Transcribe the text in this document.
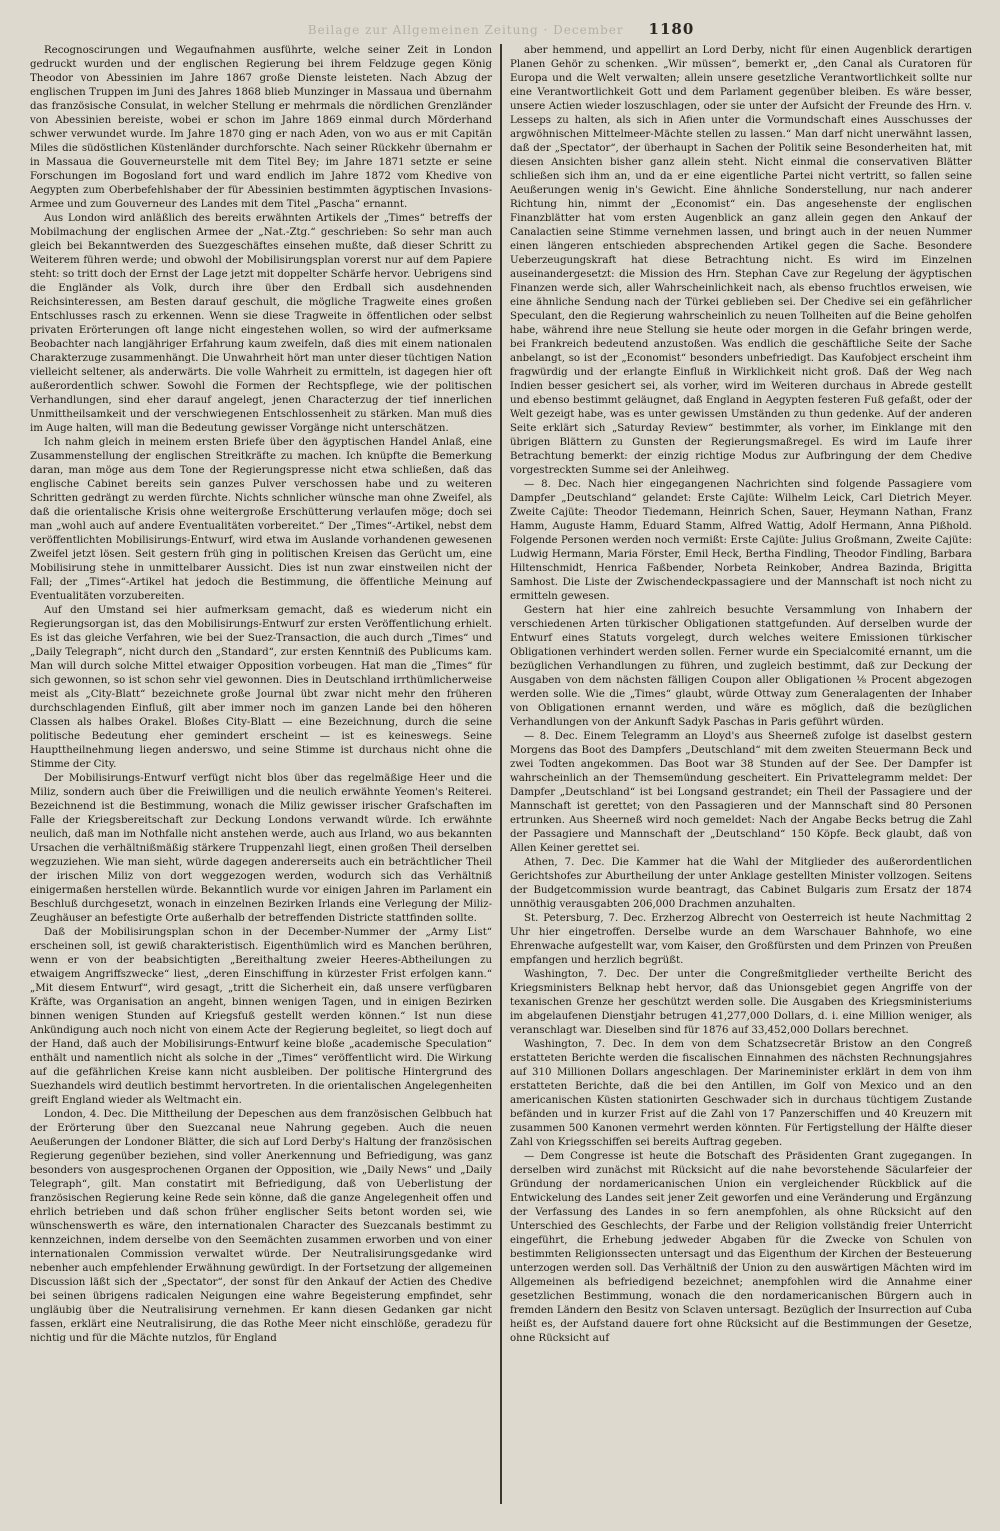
Beilage zur Allgemeinen Zeitung · December 1180

Recognoscirungen und Wegaufnahmen ausführte, welche seiner Zeit in London gedruckt wurden und der englischen Regierung bei ihrem Feldzuge gegen König Theodor von Abessinien im Jahre 1867 große Dienste leisteten. Nach Abzug der englischen Truppen im Juni des Jahres 1868 blieb Munzinger in Massaua und übernahm das französische Consulat, in welcher Stellung er mehrmals die nördlichen Grenzländer von Abessinien bereiste, wobei er schon im Jahre 1869 einmal durch Mörderhand schwer verwundet wurde. Im Jahre 1870 ging er nach Aden, von wo aus er mit Capitän Miles die südöstlichen Küstenländer durchforschte. Nach seiner Rückkehr übernahm er in Massaua die Gouverneurstelle mit dem Titel Bey; im Jahre 1871 setzte er seine Forschungen im Bogosland fort und ward endlich im Jahre 1872 vom Khedive von Aegypten zum Oberbefehlshaber der für Abessinien bestimmten ägyptischen Invasions-Armee und zum Gouverneur des Landes mit dem Titel „Pascha“ ernannt.

Aus London wird anläßlich des bereits erwähnten Artikels der „Times“ betreffs der Mobilmachung der englischen Armee der „Nat.-Ztg.“ geschrieben: So sehr man auch gleich bei Bekanntwerden des Suezgeschäftes einsehen mußte, daß dieser Schritt zu Weiterem führen werde; und obwohl der Mobilisirungsplan vorerst nur auf dem Papiere steht: so tritt doch der Ernst der Lage jetzt mit doppelter Schärfe hervor. Uebrigens sind die Engländer als Volk, durch ihre über den Erdball sich ausdehnenden Reichsinteressen, am Besten darauf geschult, die mögliche Tragweite eines großen Entschlusses rasch zu erkennen. Wenn sie diese Tragweite in öffentlichen oder selbst privaten Erörterungen oft lange nicht eingestehen wollen, so wird der aufmerksame Beobachter nach langjähriger Erfahrung kaum zweifeln, daß dies mit einem nationalen Charakterzuge zusammenhängt. Die Unwahrheit hört man unter dieser tüchtigen Nation vielleicht seltener, als anderwärts. Die volle Wahrheit zu ermitteln, ist dagegen hier oft außerordentlich schwer. Sowohl die Formen der Rechtspflege, wie der politischen Verhandlungen, sind eher darauf angelegt, jenen Characterzug der tief innerlichen Unmittheilsamkeit und der verschwiegenen Entschlossenheit zu stärken. Man muß dies im Auge halten, will man die Bedeutung gewisser Vorgänge nicht unterschätzen.

Ich nahm gleich in meinem ersten Briefe über den ägyptischen Handel Anlaß, eine Zusammenstellung der englischen Streitkräfte zu machen. Ich knüpfte die Bemerkung daran, man möge aus dem Tone der Regierungspresse nicht etwa schließen, daß das englische Cabinet bereits sein ganzes Pulver verschossen habe und zu weiteren Schritten gedrängt zu werden fürchte. Nichts schnlicher wünsche man ohne Zweifel, als daß die orientalische Krisis ohne weitergroße Erschütterung verlaufen möge; doch sei man „wohl auch auf andere Eventualitäten vorbereitet.“ Der „Times“-Artikel, nebst dem veröffentlichten Mobilisirungs-Entwurf, wird etwa im Auslande vorhandenen gewesenen Zweifel jetzt lösen. Seit gestern früh ging in politischen Kreisen das Gerücht um, eine Mobilisirung stehe in unmittelbarer Aussicht. Dies ist nun zwar einstweilen nicht der Fall; der „Times“-Artikel hat jedoch die Bestimmung, die öffentliche Meinung auf Eventualitäten vorzubereiten.

Auf den Umstand sei hier aufmerksam gemacht, daß es wiederum nicht ein Regierungsorgan ist, das den Mobilisirungs-Entwurf zur ersten Veröffentlichung erhielt. Es ist das gleiche Verfahren, wie bei der Suez-Transaction, die auch durch „Times“ und „Daily Telegraph“, nicht durch den „Standard“, zur ersten Kenntniß des Publicums kam. Man will durch solche Mittel etwaiger Opposition vorbeugen. Hat man die „Times“ für sich gewonnen, so ist schon sehr viel gewonnen. Dies in Deutschland irrthümlicherweise meist als „City-Blatt“ bezeichnete große Journal übt zwar nicht mehr den früheren durchschlagenden Einfluß, gilt aber immer noch im ganzen Lande bei den höheren Classen als halbes Orakel. Bloßes City-Blatt — eine Bezeichnung, durch die seine politische Bedeutung eher gemindert erscheint — ist es keineswegs. Seine Haupttheilnehmung liegen anderswo, und seine Stimme ist durchaus nicht ohne die Stimme der City.

Der Mobilisirungs-Entwurf verfügt nicht blos über das regelmäßige Heer und die Miliz, sondern auch über die Freiwilligen und die neulich erwähnte Yeomen's Reiterei. Bezeichnend ist die Bestimmung, wonach die Miliz gewisser irischer Grafschaften im Falle der Kriegsbereitschaft zur Deckung Londons verwandt würde. Ich erwähnte neulich, daß man im Nothfalle nicht anstehen werde, auch aus Irland, wo aus bekannten Ursachen die verhältnißmäßig stärkere Truppenzahl liegt, einen großen Theil derselben wegzuziehen. Wie man sieht, würde dagegen andererseits auch ein beträchtlicher Theil der irischen Miliz von dort weggezogen werden, wodurch sich das Verhältniß einigermaßen herstellen würde. Bekanntlich wurde vor einigen Jahren im Parlament ein Beschluß durchgesetzt, wonach in einzelnen Bezirken Irlands eine Verlegung der Miliz-Zeughäuser an befestigte Orte außerhalb der betreffenden Districte stattfinden sollte.

Daß der Mobilisirungsplan schon in der December-Nummer der „Army List“ erscheinen soll, ist gewiß charakteristisch. Eigenthümlich wird es Manchen berühren, wenn er von der beabsichtigten „Bereithaltung zweier Heeres-Abtheilungen zu etwaigem Angriffszwecke“ liest, „deren Einschiffung in kürzester Frist erfolgen kann.“ „Mit diesem Entwurf“, wird gesagt, „tritt die Sicherheit ein, daß unsere verfügbaren Kräfte, was Organisation an angeht, binnen wenigen Tagen, und in einigen Bezirken binnen wenigen Stunden auf Kriegsfuß gestellt werden können.“ Ist nun diese Ankündigung auch noch nicht von einem Acte der Regierung begleitet, so liegt doch auf der Hand, daß auch der Mobilisirungs-Entwurf keine bloße „academische Speculation“ enthält und namentlich nicht als solche in der „Times“ veröffentlicht wird. Die Wirkung auf die gefährlichen Kreise kann nicht ausbleiben. Der politische Hintergrund des Suezhandels wird deutlich bestimmt hervortreten. In die orientalischen Angelegenheiten greift England wieder als Weltmacht ein.

London, 4. Dec. Die Mittheilung der Depeschen aus dem französischen Gelbbuch hat der Erörterung über den Suezcanal neue Nahrung gegeben. Auch die neuen Aeußerungen der Londoner Blätter, die sich auf Lord Derby's Haltung der französischen Regierung gegenüber beziehen, sind voller Anerkennung und Befriedigung, was ganz besonders von ausgesprochenen Organen der Opposition, wie „Daily News“ und „Daily Telegraph“, gilt. Man constatirt mit Befriedigung, daß von Ueberlistung der französischen Regierung keine Rede sein könne, daß die ganze Angelegenheit offen und ehrlich betrieben und daß schon früher englischer Seits betont worden sei, wie wünschenswerth es wäre, den internationalen Character des Suezcanals bestimmt zu kennzeichnen, indem derselbe von den Seemächten zusammen erworben und von einer internationalen Commission verwaltet würde. Der Neutralisirungsgedanke wird nebenher auch empfehlender Erwähnung gewürdigt. In der Fortsetzung der allgemeinen Discussion läßt sich der „Spectator“, der sonst für den Ankauf der Actien des Chedive bei seinen übrigens radicalen Neigungen eine wahre Begeisterung empfindet, sehr ungläubig über die Neutralisirung vernehmen. Er kann diesen Gedanken gar nicht fassen, erklärt eine Neutralisirung, die das Rothe Meer nicht einschlöße, geradezu für nichtig und für die Mächte nutzlos, für England

aber hemmend, und appellirt an Lord Derby, nicht für einen Augenblick derartigen Planen Gehör zu schenken. „Wir müssen“, bemerkt er, „den Canal als Curatoren für Europa und die Welt verwalten; allein unsere gesetzliche Verantwortlichkeit sollte nur eine Verantwortlichkeit Gott und dem Parlament gegenüber bleiben. Es wäre besser, unsere Actien wieder loszuschlagen, oder sie unter der Aufsicht der Freunde des Hrn. v. Lesseps zu halten, als sich in Afien unter die Vormundschaft eines Ausschusses der argwöhnischen Mittelmeer-Mächte stellen zu lassen.“ Man darf nicht unerwähnt lassen, daß der „Spectator“, der überhaupt in Sachen der Politik seine Besonderheiten hat, mit diesen Ansichten bisher ganz allein steht. Nicht einmal die conservativen Blätter schließen sich ihm an, und da er eine eigentliche Partei nicht vertritt, so fallen seine Aeußerungen wenig in's Gewicht. Eine ähnliche Sonderstellung, nur nach anderer Richtung hin, nimmt der „Economist“ ein. Das angesehenste der englischen Finanzblätter hat vom ersten Augenblick an ganz allein gegen den Ankauf der Canalactien seine Stimme vernehmen lassen, und bringt auch in der neuen Nummer einen längeren entschieden absprechenden Artikel gegen die Sache. Besondere Ueberzeugungskraft hat diese Betrachtung nicht. Es wird im Einzelnen auseinandergesetzt: die Mission des Hrn. Stephan Cave zur Regelung der ägyptischen Finanzen werde sich, aller Wahrscheinlichkeit nach, als ebenso fruchtlos erweisen, wie eine ähnliche Sendung nach der Türkei geblieben sei. Der Chedive sei ein gefährlicher Speculant, den die Regierung wahrscheinlich zu neuen Tollheiten auf die Beine geholfen habe, während ihre neue Stellung sie heute oder morgen in die Gefahr bringen werde, bei Frankreich bedeutend anzustoßen. Was endlich die geschäftliche Seite der Sache anbelangt, so ist der „Economist“ besonders unbefriedigt. Das Kaufobject erscheint ihm fragwürdig und der erlangte Einfluß in Wirklichkeit nicht groß. Daß der Weg nach Indien besser gesichert sei, als vorher, wird im Weiteren durchaus in Abrede gestellt und ebenso bestimmt geläugnet, daß England in Aegypten festeren Fuß gefaßt, oder der Welt gezeigt habe, was es unter gewissen Umständen zu thun gedenke. Auf der anderen Seite erklärt sich „Saturday Review“ bestimmter, als vorher, im Einklange mit den übrigen Blättern zu Gunsten der Regierungsmaßregel. Es wird im Laufe ihrer Betrachtung bemerkt: der einzig richtige Modus zur Aufbringung der dem Chedive vorgestreckten Summe sei der Anleihweg.

— 8. Dec. Nach hier eingegangenen Nachrichten sind folgende Passagiere vom Dampfer „Deutschland“ gelandet: Erste Cajüte: Wilhelm Leick, Carl Dietrich Meyer. Zweite Cajüte: Theodor Tiedemann, Heinrich Schen, Sauer, Heymann Nathan, Franz Hamm, Auguste Hamm, Eduard Stamm, Alfred Wattig, Adolf Hermann, Anna Pißhold. Folgende Personen werden noch vermißt: Erste Cajüte: Julius Großmann, Zweite Cajüte: Ludwig Hermann, Maria Förster, Emil Heck, Bertha Findling, Theodor Findling, Barbara Hiltenschmidt, Henrica Faßbender, Norbeta Reinkober, Andrea Bazinda, Brigitta Samhost. Die Liste der Zwischendeckpassagiere und der Mannschaft ist noch nicht zu ermitteln gewesen.

Gestern hat hier eine zahlreich besuchte Versammlung von Inhabern der verschiedenen Arten türkischer Obligationen stattgefunden. Auf derselben wurde der Entwurf eines Statuts vorgelegt, durch welches weitere Emissionen türkischer Obligationen verhindert werden sollen. Ferner wurde ein Specialcomité ernannt, um die bezüglichen Verhandlungen zu führen, und zugleich bestimmt, daß zur Deckung der Ausgaben von dem nächsten fälligen Coupon aller Obligationen ⅛ Procent abgezogen werden solle. Wie die „Times“ glaubt, würde Ottway zum Generalagenten der Inhaber von Obligationen ernannt werden, und wäre es möglich, daß die bezüglichen Verhandlungen von der Ankunft Sadyk Paschas in Paris geführt würden.

— 8. Dec. Einem Telegramm an Lloyd's aus Sheerneß zufolge ist daselbst gestern Morgens das Boot des Dampfers „Deutschland“ mit dem zweiten Steuermann Beck und zwei Todten angekommen. Das Boot war 38 Stunden auf der See. Der Dampfer ist wahrscheinlich an der Themsemündung gescheitert. Ein Privattelegramm meldet: Der Dampfer „Deutschland“ ist bei Longsand gestrandet; ein Theil der Passagiere und der Mannschaft ist gerettet; von den Passagieren und der Mannschaft sind 80 Personen ertrunken. Aus Sheerneß wird noch gemeldet: Nach der Angabe Becks betrug die Zahl der Passagiere und Mannschaft der „Deutschland“ 150 Köpfe. Beck glaubt, daß von Allen Keiner gerettet sei.

Athen, 7. Dec. Die Kammer hat die Wahl der Mitglieder des außerordentlichen Gerichtshofes zur Aburtheilung der unter Anklage gestellten Minister vollzogen. Seitens der Budgetcommission wurde beantragt, das Cabinet Bulgaris zum Ersatz der 1874 unnöthig verausgabten 206,000 Drachmen anzuhalten.

St. Petersburg, 7. Dec. Erzherzog Albrecht von Oesterreich ist heute Nachmittag 2 Uhr hier eingetroffen. Derselbe wurde an dem Warschauer Bahnhofe, wo eine Ehrenwache aufgestellt war, vom Kaiser, den Großfürsten und dem Prinzen von Preußen empfangen und herzlich begrüßt.

Washington, 7. Dec. Der unter die Congreßmitglieder vertheilte Bericht des Kriegsministers Belknap hebt hervor, daß das Unionsgebiet gegen Angriffe von der texanischen Grenze her geschützt werden solle. Die Ausgaben des Kriegsministeriums im abgelaufenen Dienstjahr betrugen 41,277,000 Dollars, d. i. eine Million weniger, als veranschlagt war. Dieselben sind für 1876 auf 33,452,000 Dollars berechnet.

Washington, 7. Dec. In dem von dem Schatzsecretär Bristow an den Congreß erstatteten Berichte werden die fiscalischen Einnahmen des nächsten Rechnungsjahres auf 310 Millionen Dollars angeschlagen. Der Marineminister erklärt in dem von ihm erstatteten Berichte, daß die bei den Antillen, im Golf von Mexico und an den americanischen Küsten stationirten Geschwader sich in durchaus tüchtigem Zustande befänden und in kurzer Frist auf die Zahl von 17 Panzerschiffen und 40 Kreuzern mit zusammen 500 Kanonen vermehrt werden könnten. Für Fertigstellung der Hälfte dieser Zahl von Kriegsschiffen sei bereits Auftrag gegeben.

— Dem Congresse ist heute die Botschaft des Präsidenten Grant zugegangen. In derselben wird zunächst mit Rücksicht auf die nahe bevorstehende Säcularfeier der Gründung der nordamericanischen Union ein vergleichender Rückblick auf die Entwickelung des Landes seit jener Zeit geworfen und eine Veränderung und Ergänzung der Verfassung des Landes in so fern anempfohlen, als ohne Rücksicht auf den Unterschied des Geschlechts, der Farbe und der Religion vollständig freier Unterricht eingeführt, die Erhebung jedweder Abgaben für die Zwecke von Schulen von bestimmten Religionssecten untersagt und das Eigenthum der Kirchen der Besteuerung unterzogen werden soll. Das Verhältniß der Union zu den auswärtigen Mächten wird im Allgemeinen als befriedigend bezeichnet; anempfohlen wird die Annahme einer gesetzlichen Bestimmung, wonach die den nordamericanischen Bürgern auch in fremden Ländern den Besitz von Sclaven untersagt. Bezüglich der Insurrection auf Cuba heißt es, der Aufstand dauere fort ohne Rücksicht auf die Bestimmungen der Gesetze, ohne Rücksicht auf
